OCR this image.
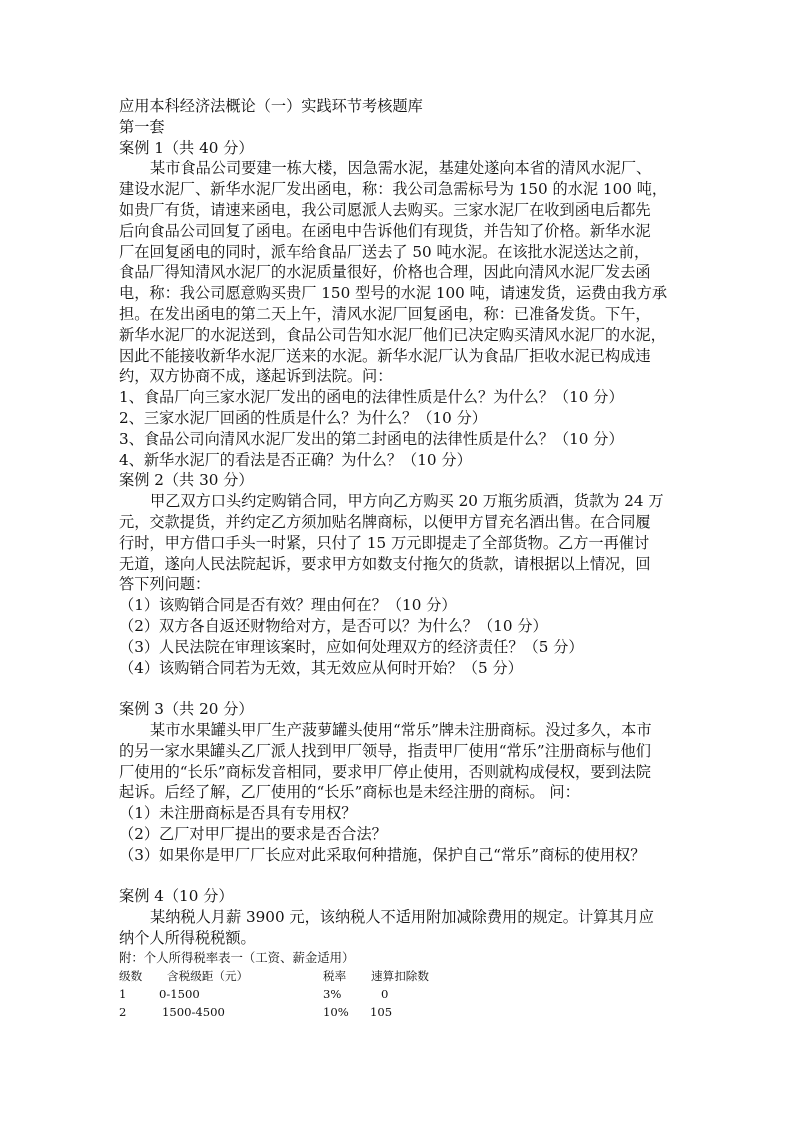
应用本科经济法概论（一）实践环节考核题库
第一套
案例 1（共 40 分）
某市食品公司要建一栋大楼，因急需水泥，基建处遂向本省的清风水泥厂、
建设水泥厂、新华水泥厂发出函电，称：我公司急需标号为 150 的水泥 100 吨，
如贵厂有货，请速来函电，我公司愿派人去购买。三家水泥厂在收到函电后都先
后向食品公司回复了函电。在函电中告诉他们有现货，并告知了价格。新华水泥
厂在回复函电的同时，派车给食品厂送去了 50 吨水泥。在该批水泥送达之前，
食品厂得知清风水泥厂的水泥质量很好，价格也合理，因此向清风水泥厂发去函
电，称：我公司愿意购买贵厂 150 型号的水泥 100 吨，请速发货，运费由我方承
担。在发出函电的第二天上午，清风水泥厂回复函电，称：已准备发货。下午，
新华水泥厂的水泥送到，食品公司告知水泥厂他们已决定购买清风水泥厂的水泥，
因此不能接收新华水泥厂送来的水泥。新华水泥厂认为食品厂拒收水泥已构成违
约，双方协商不成，遂起诉到法院。问：
1、食品厂向三家水泥厂发出的函电的法律性质是什么？为什么？（10 分）
2、三家水泥厂回函的性质是什么？为什么？（10 分）
3、食品公司向清风水泥厂发出的第二封函电的法律性质是什么？（10 分）
4、新华水泥厂的看法是否正确？为什么？（10 分）
案例 2（共 30 分）
甲乙双方口头约定购销合同，甲方向乙方购买 20 万瓶劣质酒，货款为 24 万
元，交款提货，并约定乙方须加贴名牌商标，以便甲方冒充名酒出售。在合同履
行时，甲方借口手头一时紧，只付了 15 万元即提走了全部货物。乙方一再催讨
无道，遂向人民法院起诉，要求甲方如数支付拖欠的货款，请根据以上情况，回
答下列问题：
（1）该购销合同是否有效？理由何在？（10 分）
（2）双方各自返还财物给对方，是否可以？为什么？（10 分）
（3）人民法院在审理该案时，应如何处理双方的经济责任？（5 分）
（4）该购销合同若为无效，其无效应从何时开始？（5 分）
案例 3（共 20 分）
某市水果罐头甲厂生产菠萝罐头使用“常乐”牌未注册商标。没过多久，本市
的另一家水果罐头乙厂派人找到甲厂领导，指责甲厂使用“常乐”注册商标与他们
厂使用的“长乐”商标发音相同，要求甲厂停止使用，否则就构成侵权，要到法院
起诉。后经了解，乙厂使用的“长乐”商标也是未经注册的商标。 问：
（1）未注册商标是否具有专用权？
（2）乙厂对甲厂提出的要求是否合法？
（3）如果你是甲厂厂长应对此采取何种措施，保护自己“常乐”商标的使用权？
案例 4（10 分）
某纳税人月薪 3900 元，该纳税人不适用附加减除费用的规定。计算其月应
纳个人所得税税额。
附：个人所得税率表一（工资、薪金适用）
级数 含税级距（元）	税率 速算扣除数
1	0-1500	3%	0
2	1500-4500	10% 105
